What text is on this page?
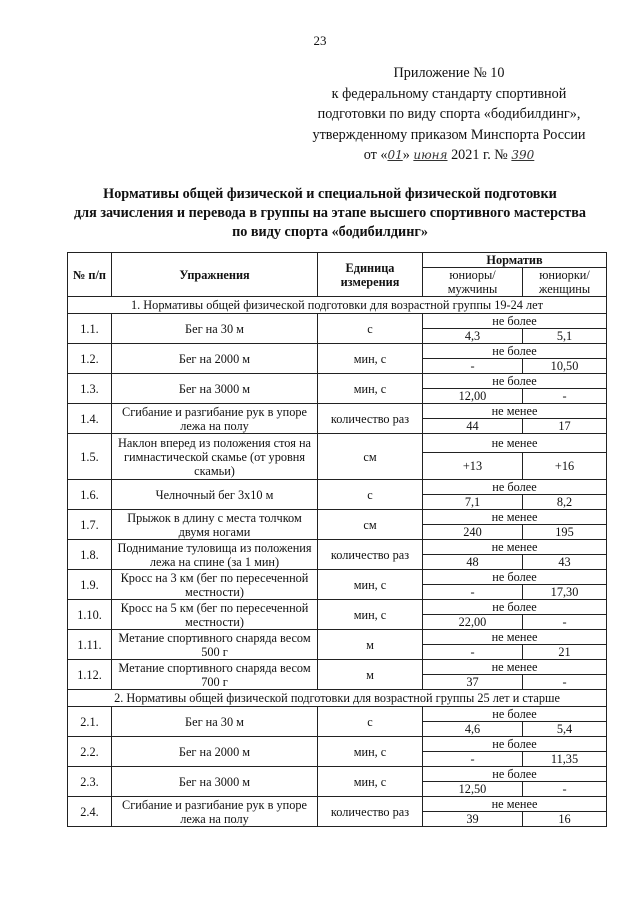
23
Приложение № 10
к федеральному стандарту спортивной
подготовки по виду спорта «бодибилдинг»,
утвержденному приказом Минспорта России
от «01» июня 2021 г. № 390
Нормативы общей физической и специальной физической подготовки
для зачисления и перевода в группы на этапе высшего спортивного мастерства
по виду спорта «бодибилдинг»
№ п/п	Упражнения	Единица измерения	Норматив	
			юниоры/ мужчины	юниорки/ женщины
1. Нормативы общей физической подготовки для возрастной группы 19-24 лет				
1.1.	Бег на 30 м	с	не более	
			4,3	5,1
1.2.	Бег на 2000 м	мин, с	не более	
			-	10,50
1.3.	Бег на 3000 м	мин, с	не более	
			12,00	-
1.4.	Сгибание и разгибание рук в упоре лежа на полу	количество раз	не менее	
			44	17
1.5.	Наклон вперед из положения стоя на гимнастической скамье (от уровня скамьи)	см	не менее	
			+13	+16
1.6.	Челночный бег 3x10 м	с	не более	
			7,1	8,2
1.7.	Прыжок в длину с места толчком двумя ногами	см	не менее	
			240	195
1.8.	Поднимание туловища из положения лежа на спине (за 1 мин)	количество раз	не менее	
			48	43
1.9.	Кросс на 3 км (бег по пересеченной местности)	мин, с	не более	
			-	17,30
1.10.	Кросс на 5 км (бег по пересеченной местности)	мин, с	не более	
			22,00	-
1.11.	Метание спортивного снаряда весом 500 г	м	не менее	
			-	21
1.12.	Метание спортивного снаряда весом 700 г	м	не менее	
			37	-
2. Нормативы общей физической подготовки для возрастной группы 25 лет и старше				
2.1.	Бег на 30 м	с	не более	
			4,6	5,4
2.2.	Бег на 2000 м	мин, с	не более	
			-	11,35
2.3.	Бег на 3000 м	мин, с	не более	
			12,50	-
2.4.	Сгибание и разгибание рук в упоре лежа на полу	количество раз	не менее	
			39	16
